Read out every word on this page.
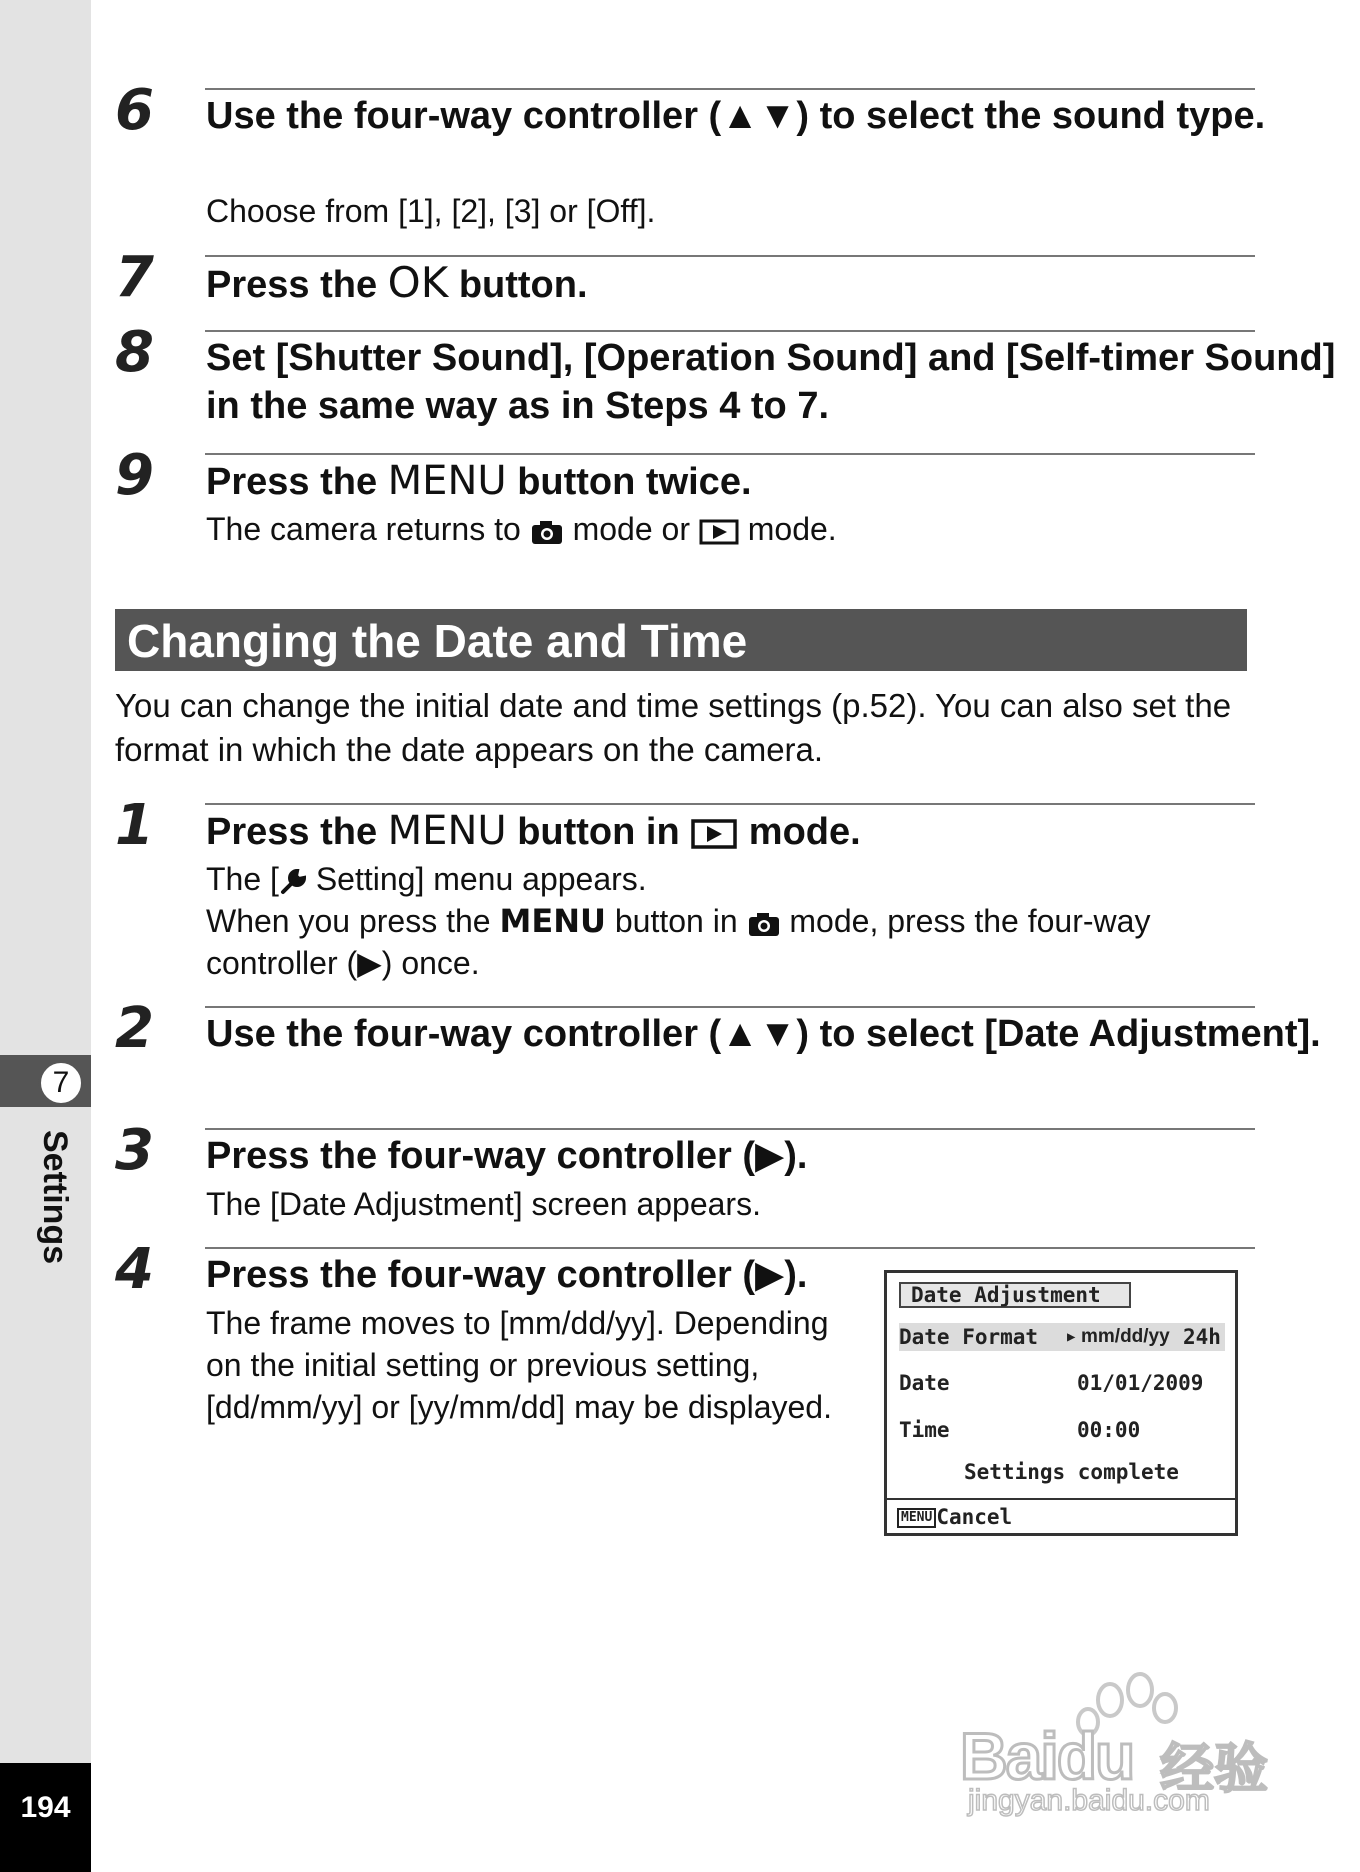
7
Settings
194
6 Use the four-way controller (▲▼) to select the sound type.
Choose from [1], [2], [3] or [Off].
7 Press the OK button.
8 Set [Shutter Sound], [Operation Sound] and [Self-timer Sound] in the same way as in Steps 4 to 7.
9 Press the MENU button twice.
The camera returns to  mode or  mode.
Changing the Date and Time
You can change the initial date and time settings (p.52). You can also set the format in which the date appears on the camera.
1 Press the MENU button in  mode.
The [ Setting] menu appears.
When you press the MENU button in  mode, press the four-way
controller (▶) once.
2 Use the four-way controller (▲▼) to select [Date Adjustment].
3 Press the four-way controller (▶).
The [Date Adjustment] screen appears.
4 Press the four-way controller (▶).
The frame moves to [mm/dd/yy]. Depending on the initial setting or previous setting, [dd/mm/yy] or [yy/mm/dd] may be displayed.
Date Adjustment
Date Format ▶ mm/dd/yy 24h
Date	01/01/2009
Time	00:00
Settings complete
MENU Cancel
Baidu 经验
jingyan.baidu.com
